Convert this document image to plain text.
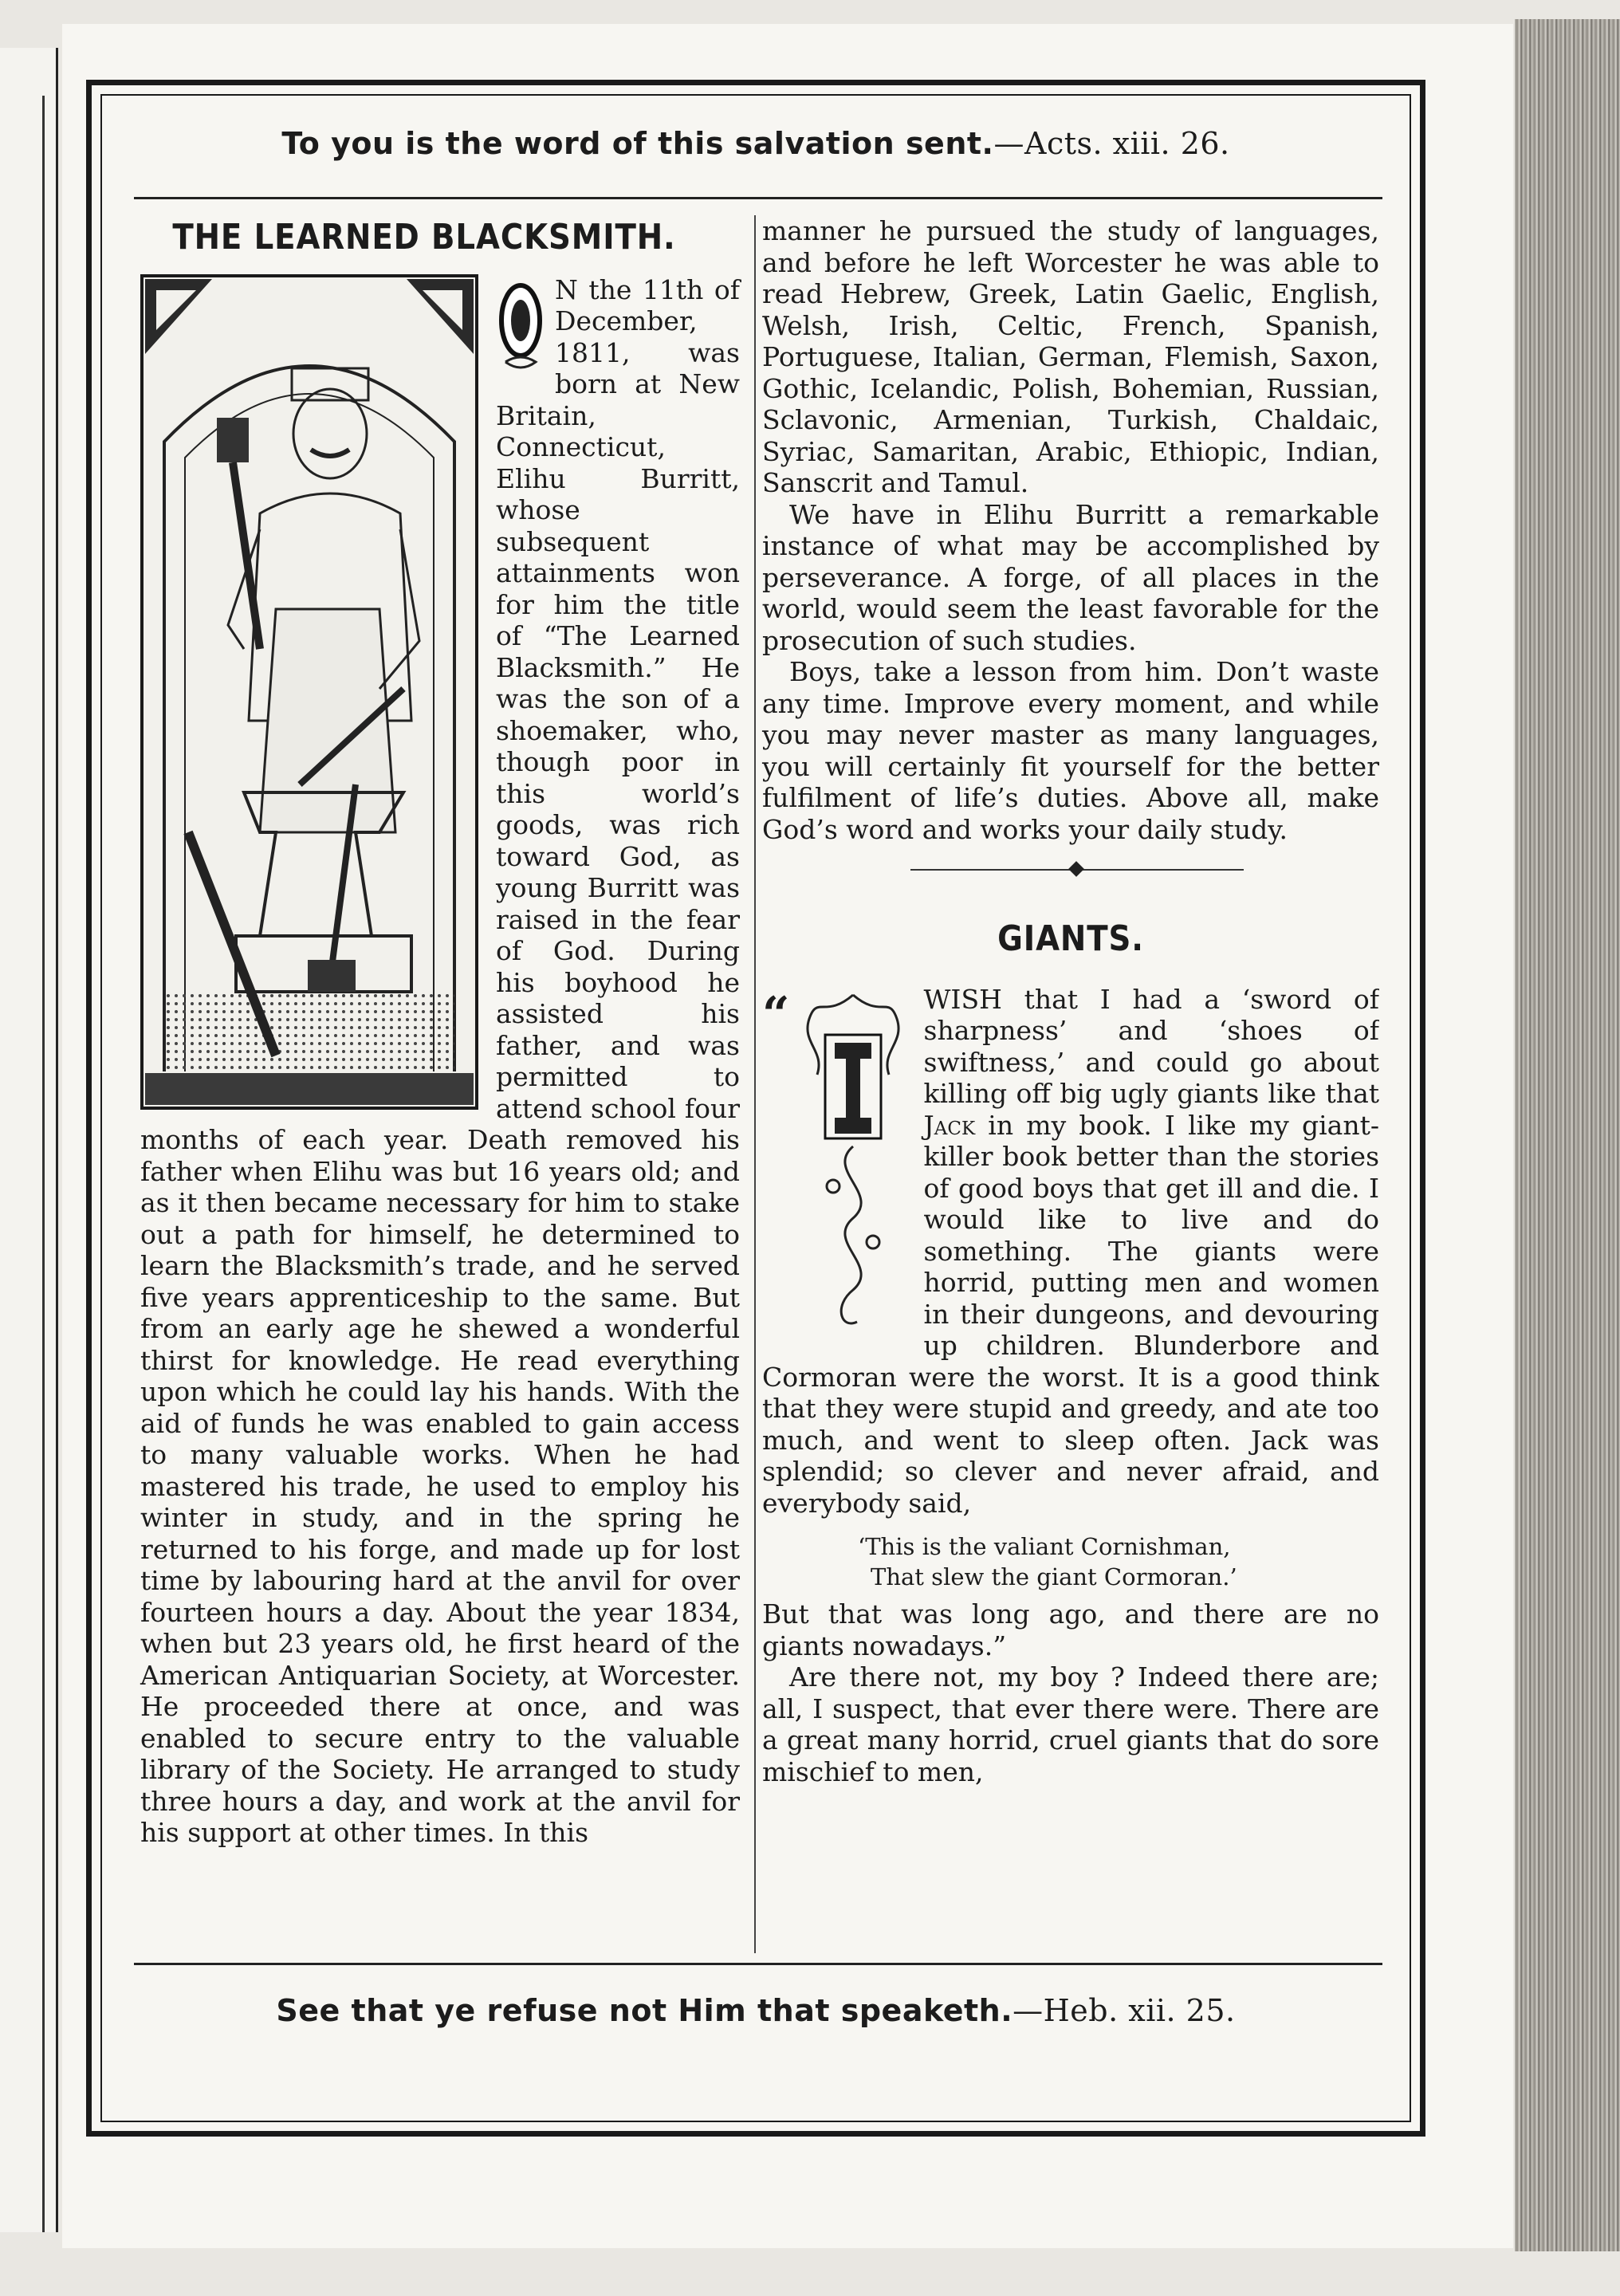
To you is the word of this salvation sent.—Acts. xiii. 26.
THE LEARNED BLACKSMITH.

N the 11th of December, 1811, was born at New Britain, Connecticut, Elihu Burritt, whose subsequent attainments won for him the title of “The Learned Blacksmith.” He was the son of a shoemaker, who, though poor in this world’s goods, was rich toward God, as young Burritt was raised in the fear of God. During his boyhood he assisted his father, and was permitted to attend school four months of each year. Death removed his father when Elihu was but 16 years old; and as it then became necessary for him to stake out a path for himself, he determined to learn the Blacksmith’s trade, and he served five years apprenticeship to the same. But from an early age he shewed a wonderful thirst for knowledge. He read everything upon which he could lay his hands. With the aid of funds he was enabled to gain access to many valuable works. When he had mastered his trade, he used to employ his winter in study, and in the spring he returned to his forge, and made up for lost time by labouring hard at the anvil for over fourteen hours a day. About the year 1834, when but 23 years old, he first heard of the American Antiquarian Society, at Worcester. He proceeded there at once, and was enabled to secure entry to the valuable library of the Society. He arranged to study three hours a day, and work at the anvil for his support at other times. In this

manner he pursued the study of languages, and before he left Worcester he was able to read Hebrew, Greek, Latin Gaelic, English, Welsh, Irish, Celtic, French, Spanish, Portuguese, Italian, German, Flemish, Saxon, Gothic, Icelandic, Polish, Bohemian, Russian, Sclavonic, Armenian, Turkish, Chaldaic, Syriac, Samaritan, Arabic, Ethiopic, Indian, Sanscrit and Tamul.

We have in Elihu Burritt a remarkable instance of what may be accomplished by perseverance. A forge, of all places in the world, would seem the least favorable for the prosecution of such studies.

Boys, take a lesson from him. Don’t waste any time. Improve every moment, and while you may never master as many languages, you will certainly fit yourself for the better fulfilment of life’s duties. Above all, make God’s word and works your daily study.

GIANTS.
“	WISH that I had a ‘sword of sharpness’ and ‘shoes of swiftness,’ and could go about killing off big ugly giants like that Jack in my book. I like my giant-killer book better than the stories of good boys that get ill and die. I would like to live and do something. The giants were horrid, putting men and women in their dungeons, and devouring up children. Blunderbore and Cormoran were the worst. It is a good think that they were stupid and greedy, and ate too much, and went to sleep often. Jack was splendid; so clever and never afraid, and everybody said,

‘This is the valiant Cornishman,
That slew the giant Cormoran.’

But that was long ago, and there are no giants nowadays.”

Are there not, my boy ? Indeed there are; all, I suspect, that ever there were. There are a great many horrid, cruel giants that do sore mischief to men,

See that ye refuse not Him that speaketh.—Heb. xii. 25.
